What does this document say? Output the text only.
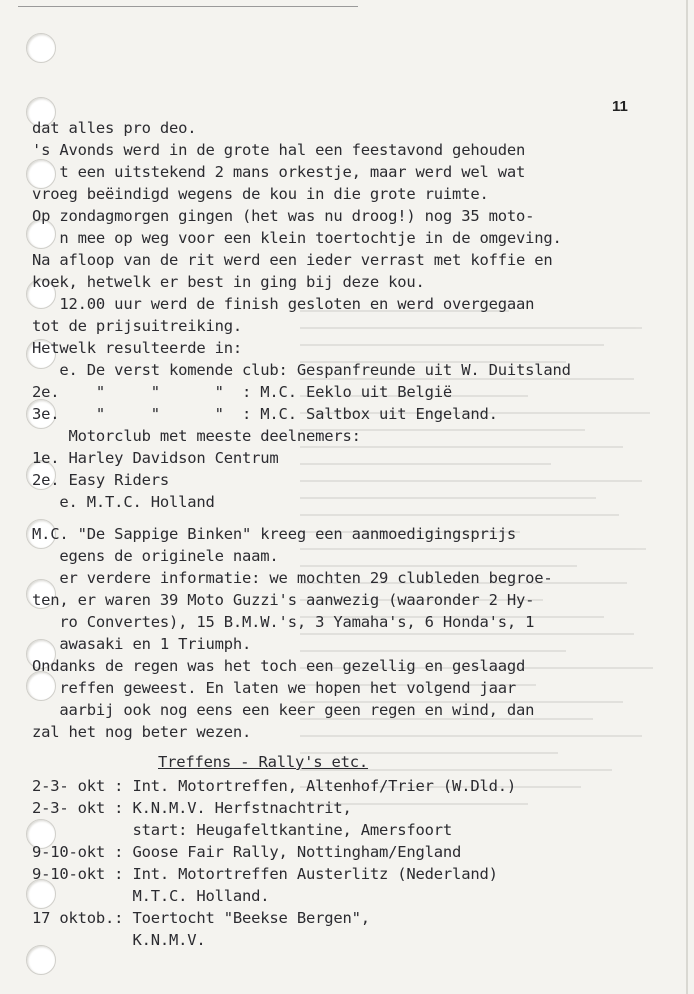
11
dat alles pro deo.
's Avonds werd in de grote hal een feestavond gehouden
t een uitstekend 2 mans orkestje, maar werd wel wat
vroeg beëindigd wegens de kou in die grote ruimte.
Op zondagmorgen gingen (het was nu droog!) nog 35 moto-
n mee op weg voor een klein toertochtje in de omgeving.
Na afloop van de rit werd een ieder verrast met koffie en
koek, hetwelk er best in ging bij deze kou.
12.00 uur werd de finish gesloten en werd overgegaan
tot de prijsuitreiking.
Hetwelk resulteerde in:
e. De verst komende club: Gespanfreunde uit W. Duitsland
2e.    "     "      "  : M.C. Eeklo uit België
3e.    "     "      "  : M.C. Saltbox uit Engeland.
Motorclub met meeste deelnemers:
1e. Harley Davidson Centrum
2e. Easy Riders
e. M.T.C. Holland
M.C. "De Sappige Binken" kreeg een aanmoedigingsprijs
egens de originele naam.
er verdere informatie: we mochten 29 clubleden begroe-
ten, er waren 39 Moto Guzzi's aanwezig (waaronder 2 Hy-
ro Convertes), 15 B.M.W.'s, 3 Yamaha's, 6 Honda's, 1
awasaki en 1 Triumph.
Ondanks de regen was het toch een gezellig en geslaagd
reffen geweest. En laten we hopen het volgend jaar
aarbij ook nog eens een keer geen regen en wind, dan
zal het nog beter wezen.
Treffens - Rally's etc.
2-3- okt : Int. Motortreffen, Altenhof/Trier (W.Dld.)
2-3- okt : K.N.M.V. Herfstnachtrit,
start: Heugafeltkantine, Amersfoort
9-10-okt : Goose Fair Rally, Nottingham/England
9-10-okt : Int. Motortreffen Austerlitz (Nederland)
M.T.C. Holland.
17 oktob.: Toertocht "Beekse Bergen",
K.N.M.V.
